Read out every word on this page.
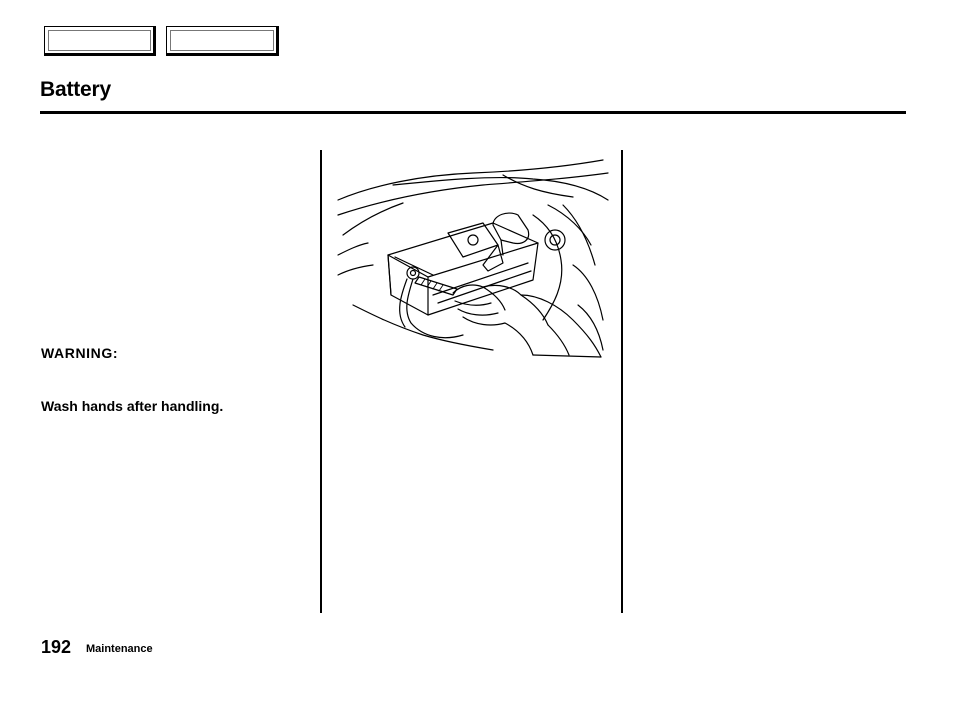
Battery
WARNING:
Wash hands after handling.
192 Maintenance
